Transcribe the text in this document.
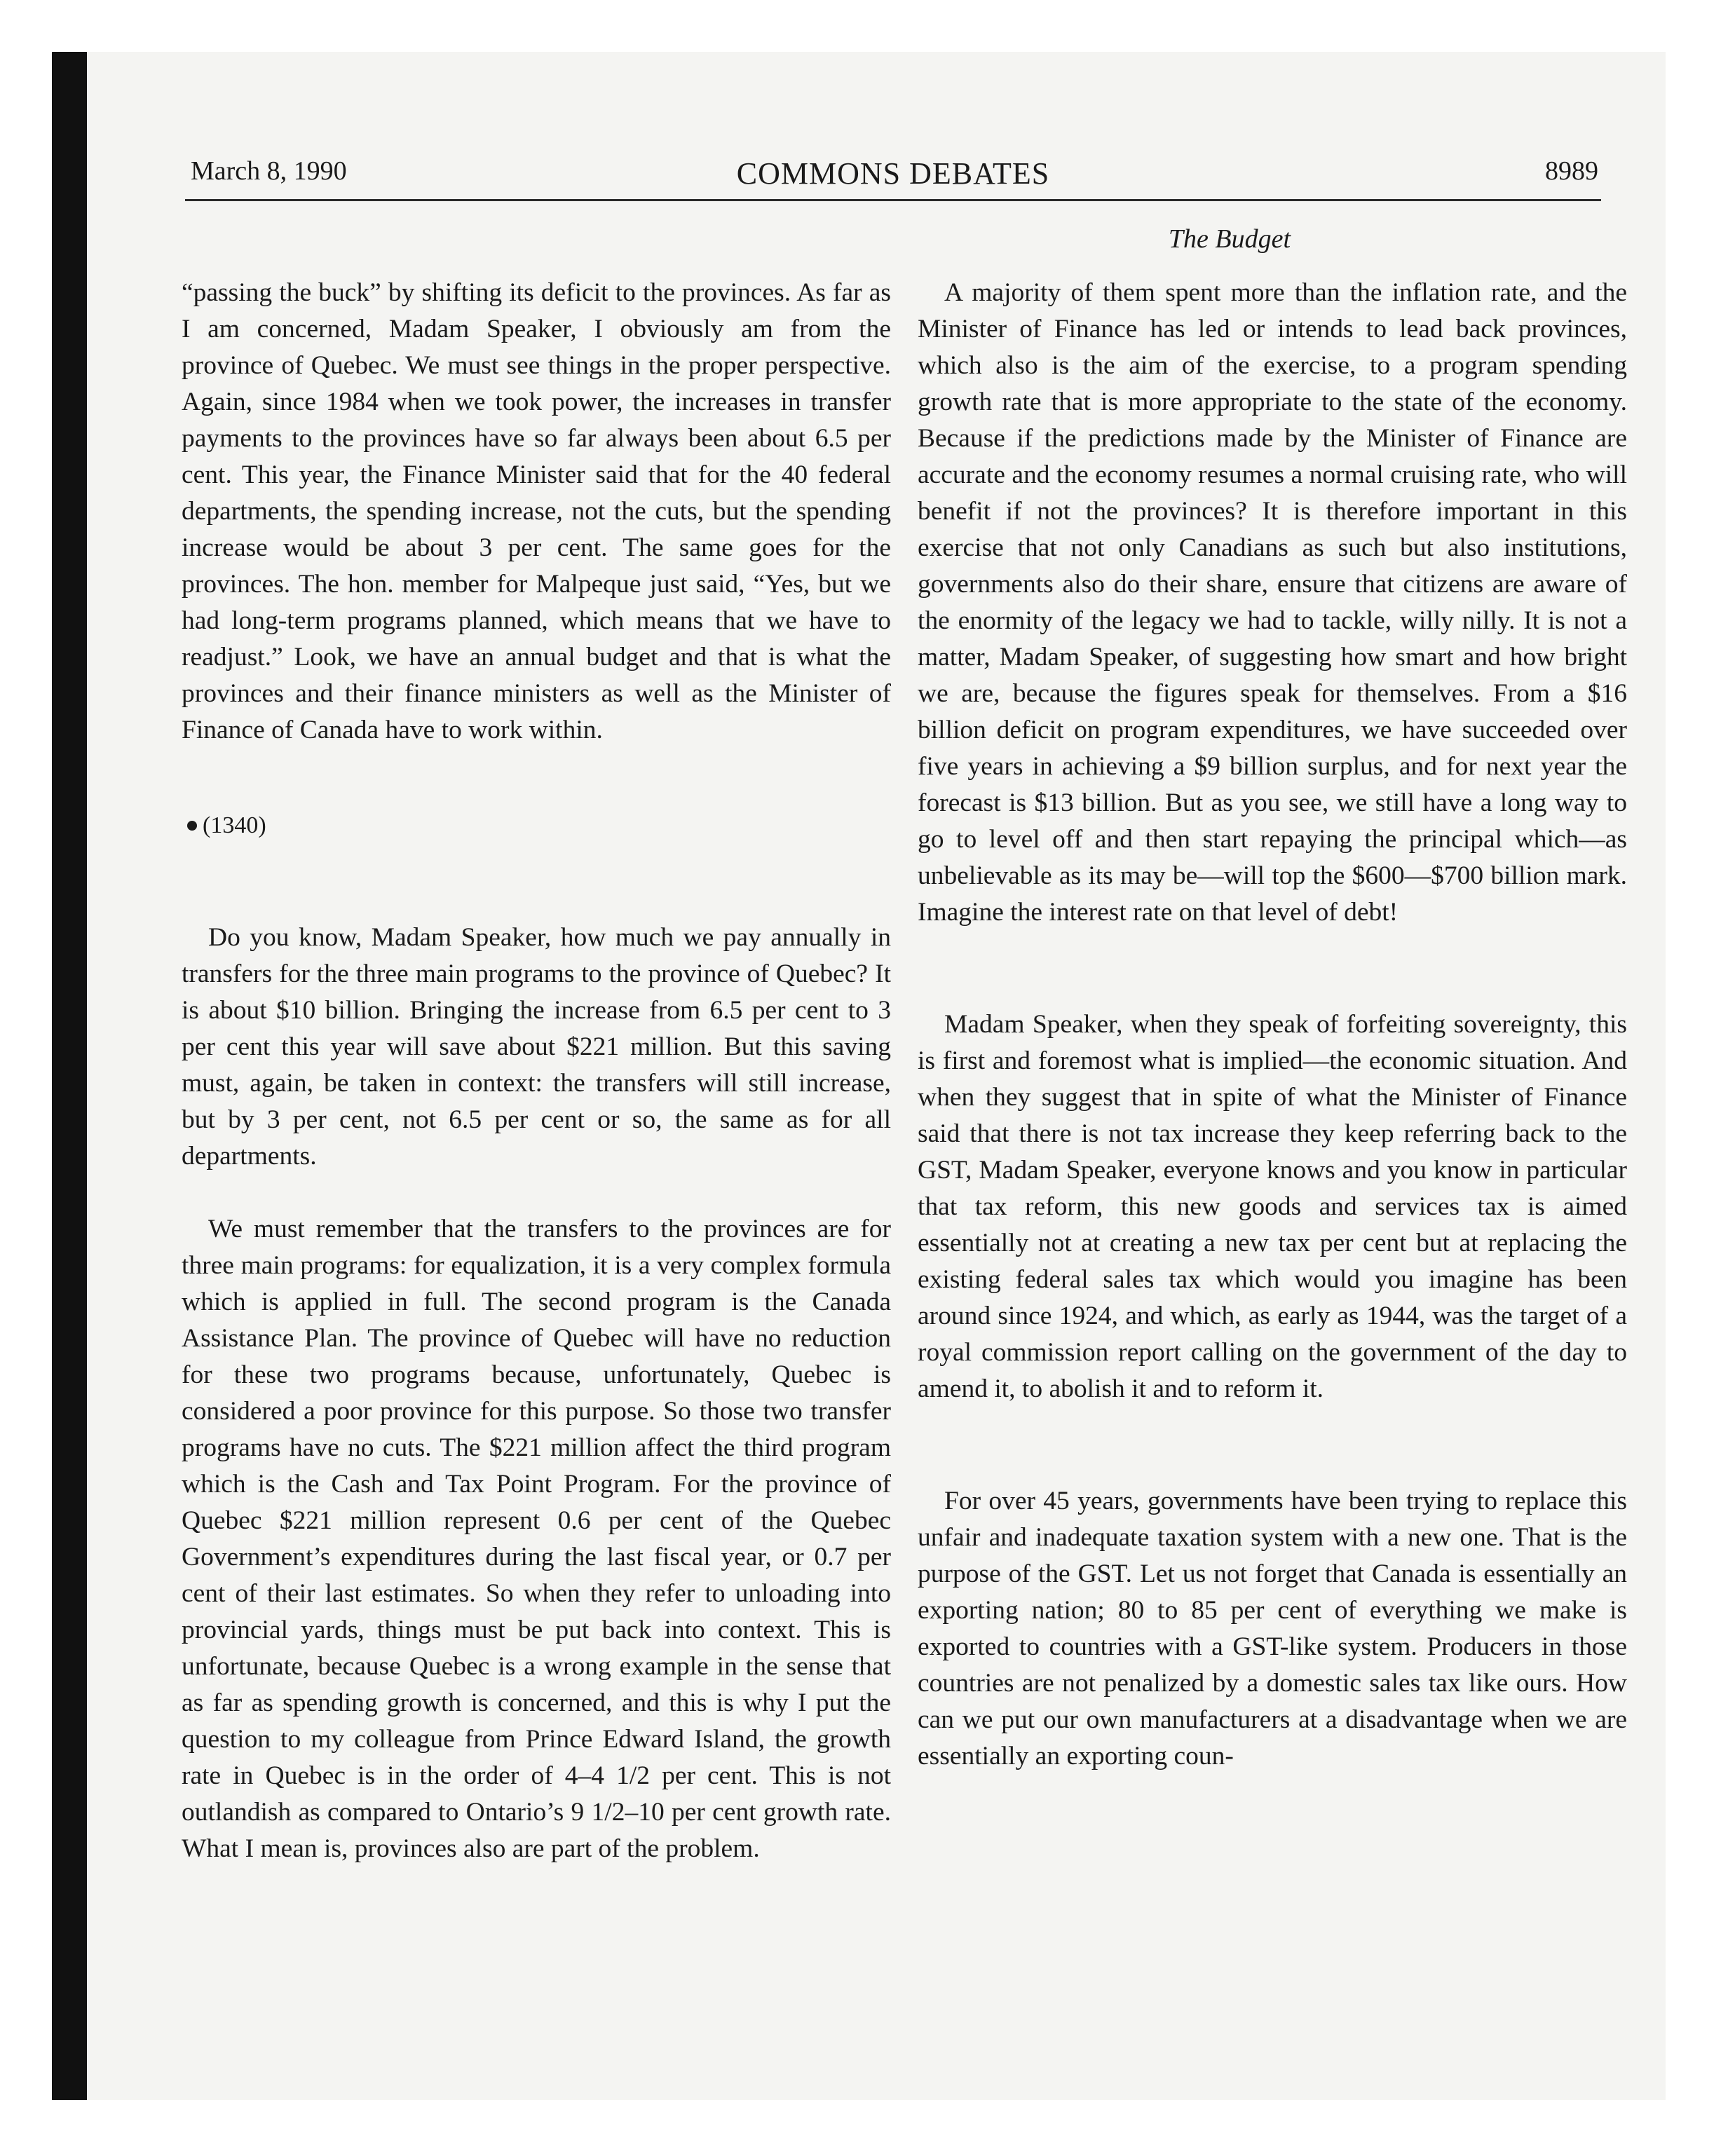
March 8, 1990	COMMONS DEBATES	8989
The Budget

“passing the buck” by shifting its deficit to the provinces. As far as I am concerned, Madam Speaker, I obviously am from the province of Quebec. We must see things in the proper perspective. Again, since 1984 when we took power, the increases in transfer payments to the provinces have so far always been about 6.5 per cent. This year, the Finance Minister said that for the 40 federal departments, the spending increase, not the cuts, but the spending increase would be about 3 per cent. The same goes for the provinces. The hon. member for Malpeque just said, “Yes, but we had long-term programs planned, which means that we have to readjust.” Look, we have an annual budget and that is what the provinces and their finance ministers as well as the Minister of Finance of Canada have to work within.

(1340)

Do you know, Madam Speaker, how much we pay annually in transfers for the three main programs to the province of Quebec? It is about $10 billion. Bringing the increase from 6.5 per cent to 3 per cent this year will save about $221 million. But this saving must, again, be taken in context: the transfers will still increase, but by 3 per cent, not 6.5 per cent or so, the same as for all departments.

We must remember that the transfers to the provinces are for three main programs: for equalization, it is a very complex formula which is applied in full. The second program is the Canada Assistance Plan. The province of Quebec will have no reduction for these two programs because, unfortunately, Quebec is considered a poor province for this purpose. So those two transfer programs have no cuts. The $221 million affect the third program which is the Cash and Tax Point Program. For the province of Quebec $221 million represent 0.6 per cent of the Quebec Government’s expenditures during the last fiscal year, or 0.7 per cent of their last estimates. So when they refer to unloading into provincial yards, things must be put back into context. This is unfortunate, because Quebec is a wrong example in the sense that as far as spending growth is concerned, and this is why I put the question to my colleague from Prince Edward Island, the growth rate in Quebec is in the order of 4–4 1/2 per cent. This is not outlandish as compared to Ontario’s 9 1/2–10 per cent growth rate. What I mean is, provinces also are part of the problem.

A majority of them spent more than the inflation rate, and the Minister of Finance has led or intends to lead back provinces, which also is the aim of the exercise, to a program spending growth rate that is more appropriate to the state of the economy. Because if the predictions made by the Minister of Finance are accurate and the economy resumes a normal cruising rate, who will benefit if not the provinces? It is therefore important in this exercise that not only Canadians as such but also institutions, governments also do their share, ensure that citizens are aware of the enormity of the legacy we had to tackle, willy nilly. It is not a matter, Madam Speaker, of suggesting how smart and how bright we are, because the figures speak for themselves. From a $16 billion deficit on program expenditures, we have succeeded over five years in achieving a $9 billion surplus, and for next year the forecast is $13 billion. But as you see, we still have a long way to go to level off and then start repaying the principal which—as unbelievable as its may be—will top the $600—$700 billion mark. Imagine the interest rate on that level of debt!

Madam Speaker, when they speak of forfeiting sovereignty, this is first and foremost what is implied—the economic situation. And when they suggest that in spite of what the Minister of Finance said that there is not tax increase they keep referring back to the GST, Madam Speaker, everyone knows and you know in particular that tax reform, this new goods and services tax is aimed essentially not at creating a new tax per cent but at replacing the existing federal sales tax which would you imagine has been around since 1924, and which, as early as 1944, was the target of a royal commission report calling on the government of the day to amend it, to abolish it and to reform it.

For over 45 years, governments have been trying to replace this unfair and inadequate taxation system with a new one. That is the purpose of the GST. Let us not forget that Canada is essentially an exporting nation; 80 to 85 per cent of everything we make is exported to countries with a GST-like system. Producers in those countries are not penalized by a domestic sales tax like ours. How can we put our own manufacturers at a disadvantage when we are essentially an exporting coun-
